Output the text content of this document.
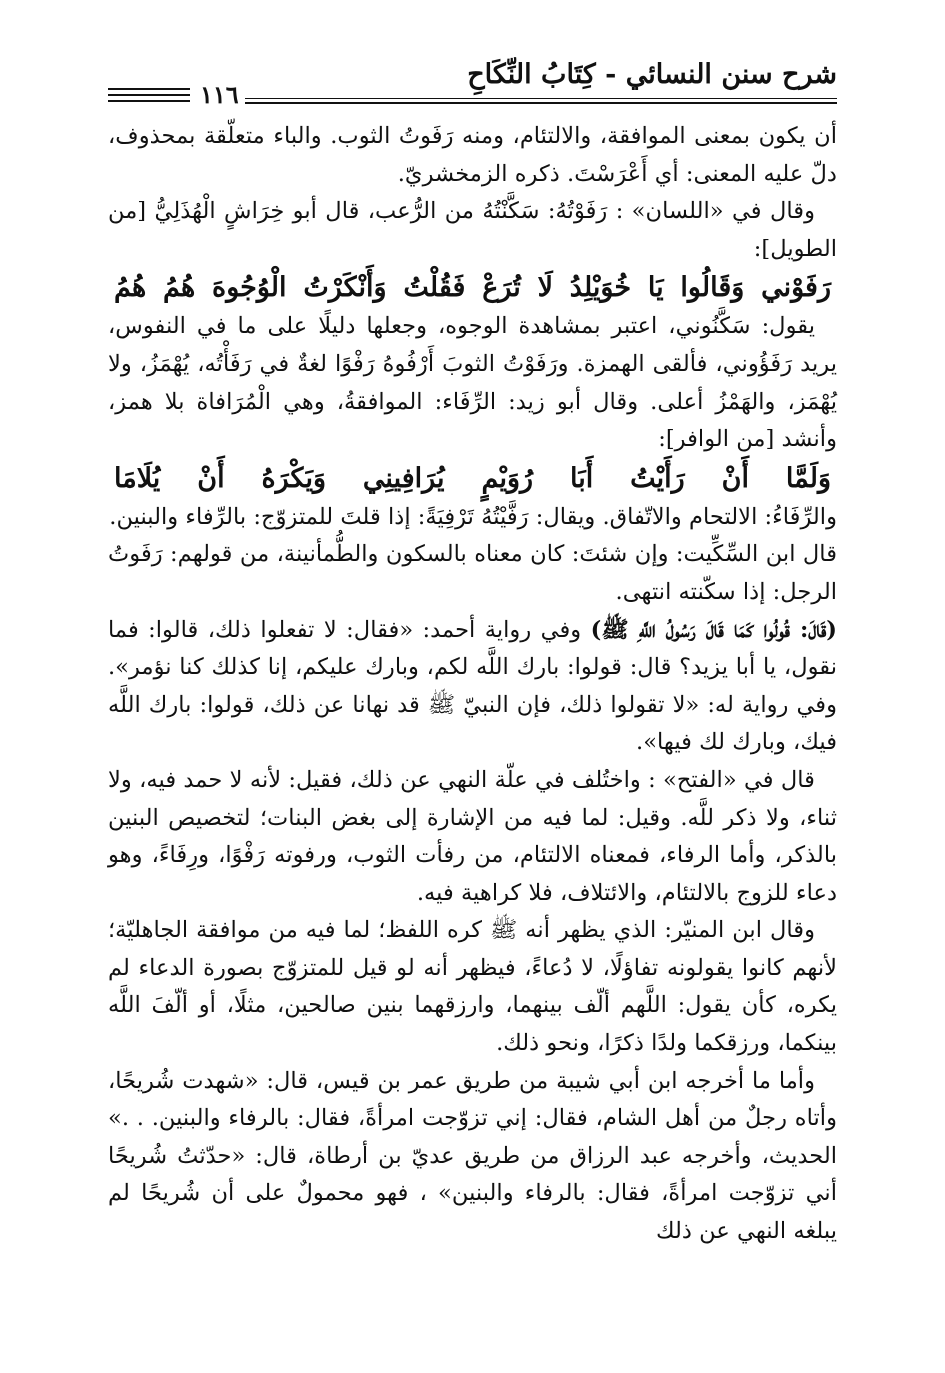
شرح سنن النسائي - كِتَابُ النِّكَاحِ
١١٦

أن يكون بمعنى الموافقة، والالتئام، ومنه رَفَوتُ الثوب. والباء متعلّقة بمحذوف، دلّ عليه المعنى: أي أَعْرَسْتَ. ذكره الزمخشريّ.

وقال في «اللسان» : رَفَوْتُهُ: سَكَّنْتُهُ من الرُّعب، قال أبو خِرَاشٍ الْهُذَلِيُّ [من الطويل]:

رَفَوْني وَقَالُوا يَا خُوَيْلِدُ لَا تُرَعْ فَقُلْتُ وَأَنْكَرْتُ الْوُجُوهَ هُمُ هُمُ

يقول: سَكَّنُوني، اعتبر بمشاهدة الوجوه، وجعلها دليلًا على ما في النفوس، يريد رَفَؤُوني، فألقى الهمزة. ورَفَوْتُ الثوبَ أَرْفُوهُ رَفْوًا لغةٌ في رَفَأْتُه، يُهْمَزُ، ولا يُهْمَز، والهَمْزُ أعلى. وقال أبو زيد: الرِّفَاء: الموافقةُ، وهي الْمُرَافاة بلا همز، وأنشد [من الوافر]:

وَلَمَّا أَنْ رَأَيْتُ أَبَا رُوَيْمٍ يُرَافِينِي وَيَكْرَهُ أَنْ يُلَامَا

والرِّفَاءُ: الالتحام والاتّفاق. ويقال: رَفَّيْتُهُ تَرْفِيَةً: إذا قلتَ للمتزوّج: بالرِّفاء والبنين.

قال ابن السِّكِّيت: وإن شئتَ: كان معناه بالسكون والطُّمأنينة، من قولهم: رَفَوتُ الرجل: إذا سكّنته انتهى.

(قَالَ: قُولُوا كَمَا قَالَ رَسُولُ اللَّهِ ﷺ) وفي رواية أحمد: «فقال: لا تفعلوا ذلك، قالوا: فما نقول، يا أبا يزيد؟ قال: قولوا: بارك اللَّه لكم، وبارك عليكم، إنا كذلك كنا نؤمر». وفي رواية له: «لا تقولوا ذلك، فإن النبيّ ﷺ قد نهانا عن ذلك، قولوا: بارك اللَّه فيك، وبارك لك فيها».

قال في «الفتح» : واختُلف في علّة النهي عن ذلك، فقيل: لأنه لا حمد فيه، ولا ثناء، ولا ذكر للَّه. وقيل: لما فيه من الإشارة إلى بغض البنات؛ لتخصيص البنين بالذكر، وأما الرفاء، فمعناه الالتئام، من رفأت الثوب، ورفوته رَفْوًا، ورِفَاءً، وهو دعاء للزوج بالالتئام، والائتلاف، فلا كراهية فيه.

وقال ابن المنيّر: الذي يظهر أنه ﷺ كره اللفظ؛ لما فيه من موافقة الجاهليّة؛ لأنهم كانوا يقولونه تفاؤلًا، لا دُعاءً، فيظهر أنه لو قيل للمتزوّج بصورة الدعاء لم يكره، كأن يقول: اللَّهم ألّف بينهما، وارزقهما بنين صالحين، مثلًا، أو ألّفَ اللَّه بينكما، ورزقكما ولدًا ذكرًا، ونحو ذلك.

وأما ما أخرجه ابن أبي شيبة من طريق عمر بن قيس، قال: «شهدت شُريحًا، وأتاه رجلٌ من أهل الشام، فقال: إني تزوّجت امرأةً، فقال: بالرفاء والبنين. . .» الحديث، وأخرجه عبد الرزاق من طريق عديّ بن أرطاة، قال: «حدّثتُ شُريحًا أني تزوّجت امرأةً، فقال: بالرفاء والبنين» ، فهو محمولٌ على أن شُريحًا لم يبلغه النهي عن ذلك
